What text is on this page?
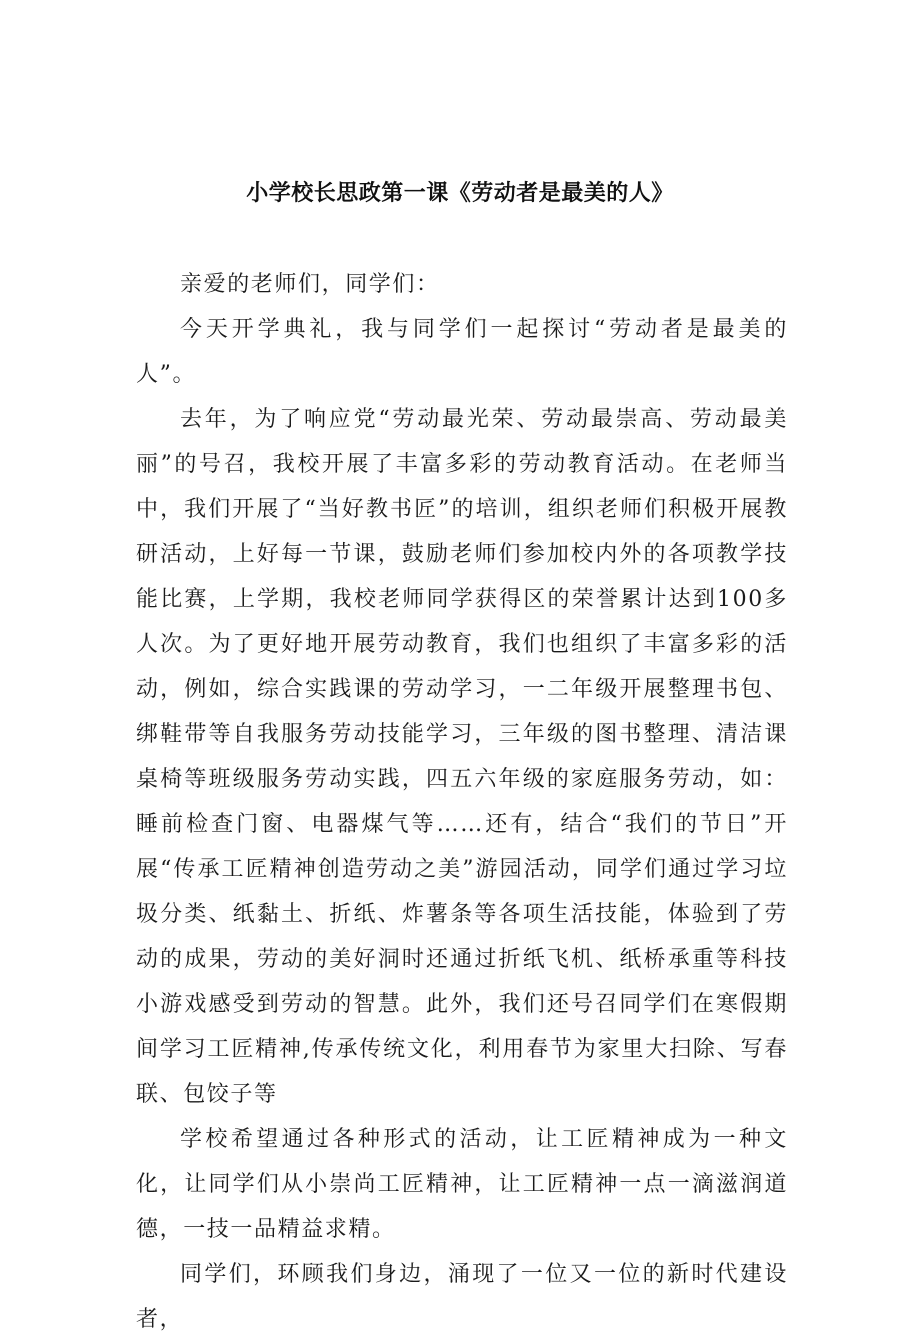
小学校长思政第一课《劳动者是最美的人》

亲爱的老师们，同学们：

今天开学典礼，我与同学们一起探讨“劳动者是最美的人”。

去年，为了响应党“劳动最光荣、劳动最崇高、劳动最美丽”的号召，我校开展了丰富多彩的劳动教育活动。在老师当中，我们开展了“当好教书匠”的培训，组织老师们积极开展教研活动，上好每一节课，鼓励老师们参加校内外的各项教学技能比赛，上学期，我校老师同学获得区的荣誉累计达到100多人次。为了更好地开展劳动教育，我们也组织了丰富多彩的活动，例如，综合实践课的劳动学习，一二年级开展整理书包、绑鞋带等自我服务劳动技能学习，三年级的图书整理、清洁课桌椅等班级服务劳动实践，四五六年级的家庭服务劳动，如：睡前检查门窗、电器煤气等……还有，结合“我们的节日”开展“传承工匠精神创造劳动之美”游园活动，同学们通过学习垃圾分类、纸黏土、折纸、炸薯条等各项生活技能，体验到了劳动的成果，劳动的美好洞时还通过折纸飞机、纸桥承重等科技小游戏感受到劳动的智慧。此外，我们还号召同学们在寒假期间学习工匠精神,传承传统文化，利用春节为家里大扫除、写春联、包饺子等

学校希望通过各种形式的活动，让工匠精神成为一种文化，让同学们从小崇尚工匠精神，让工匠精神一点一滴滋润道德，一技一品精益求精。

同学们，环顾我们身边，涌现了一位又一位的新时代建设者，
